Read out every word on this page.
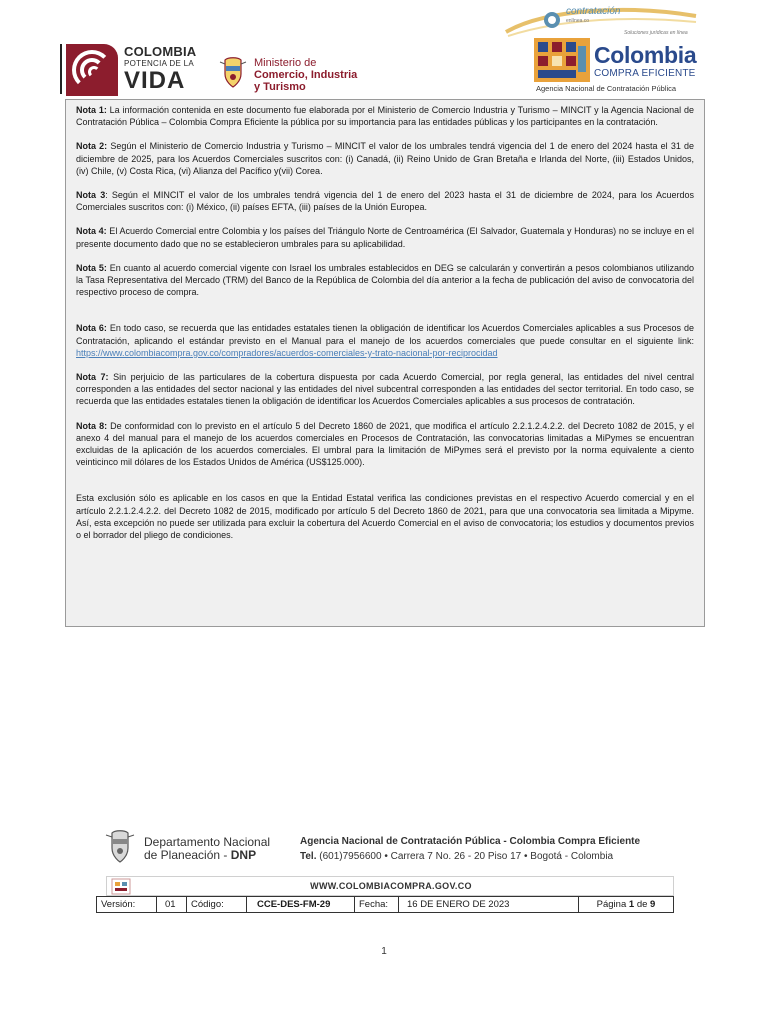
COLOMBIA
POTENCIA DE LA
VIDA
Ministerio de
Comercio, Industria
y Turismo
contratación
enlínea.co
Soluciones jurídicas en línea
Colombia
COMPRA EFICIENTE
Agencia Nacional de Contratación Pública

Nota 1: La información contenida en este documento fue elaborada por el Ministerio de Comercio Industria y Turismo – MINCIT y la Agencia Nacional de Contratación Pública – Colombia Compra Eficiente la pública por su importancia para las entidades públicas y los participantes en la contratación.

Nota 2: Según el Ministerio de Comercio Industria y Turismo – MINCIT el valor de los umbrales tendrá vigencia del 1 de enero del 2024 hasta el 31 de diciembre de 2025, para los Acuerdos Comerciales suscritos con: (i) Canadá, (ii) Reino Unido de Gran Bretaña e Irlanda del Norte, (iii) Estados Unidos, (iv) Chile, (v) Costa Rica, (vi) Alianza del Pacífico y(vii) Corea.

Nota 3: Según el MINCIT el valor de los umbrales tendrá vigencia del 1 de enero del 2023 hasta el 31 de diciembre de 2024, para los Acuerdos Comerciales suscritos con: (i) México, (ii) países EFTA, (iii) países de la Unión Europea.

Nota 4: El Acuerdo Comercial entre Colombia y los países del Triángulo Norte de Centroamérica (El Salvador, Guatemala y Honduras) no se incluye en el presente documento dado que no se establecieron umbrales para su aplicabilidad.

Nota 5: En cuanto al acuerdo comercial vigente con Israel los umbrales establecidos en DEG se calcularán y convertirán a pesos colombianos utilizando la Tasa Representativa del Mercado (TRM) del Banco de la República de Colombia del día anterior a la fecha de publicación del aviso de convocatoria del respectivo proceso de compra.

Nota 6: En todo caso, se recuerda que las entidades estatales tienen la obligación de identificar los Acuerdos Comerciales aplicables a sus Procesos de Contratación, aplicando el estándar previsto en el Manual para el manejo de los acuerdos comerciales que puede consultar en el siguiente link: https://www.colombiacompra.gov.co/compradores/acuerdos-comerciales-y-trato-nacional-por-reciprocidad

Nota 7: Sin perjuicio de las particulares de la cobertura dispuesta por cada Acuerdo Comercial, por regla general, las entidades del nivel central corresponden a las entidades del sector nacional y las entidades del nivel subcentral corresponden a las entidades del sector territorial. En todo caso, se recuerda que las entidades estatales tienen la obligación de identificar los Acuerdos Comerciales aplicables a sus procesos de contratación.

Nota 8: De conformidad con lo previsto en el artículo 5 del Decreto 1860 de 2021, que modifica el artículo 2.2.1.2.4.2.2. del Decreto 1082 de 2015, y el anexo 4 del manual para el manejo de los acuerdos comerciales en Procesos de Contratación, las convocatorias limitadas a MiPymes se encuentran excluidas de la aplicación de los acuerdos comerciales. El umbral para la limitación de MiPymes será el previsto por la norma equivalente a ciento veinticinco mil dólares de los Estados Unidos de América (US$125.000).

Esta exclusión sólo es aplicable en los casos en que la Entidad Estatal verifica las condiciones previstas en el respectivo Acuerdo comercial y en el artículo 2.2.1.2.4.2.2. del Decreto 1082 de 2015, modificado por artículo 5 del Decreto 1860 de 2021, para que una convocatoria sea limitada a Mipyme. Así, esta excepción no puede ser utilizada para excluir la cobertura del Acuerdo Comercial en el aviso de convocatoria; los estudios y documentos previos o el borrador del pliego de condiciones.

Departamento Nacional
de Planeación - DNP
Agencia Nacional de Contratación Pública - Colombia Compra Eficiente
Tel. (601)7956600 • Carrera 7 No. 26 - 20 Piso 17 • Bogotá - Colombia
WWW.COLOMBIACOMPRA.GOV.CO
Versión:	01	Código:	CCE-DES-FM-29	Fecha:	16 DE ENERO DE 2023	Página 1 de 9
1
